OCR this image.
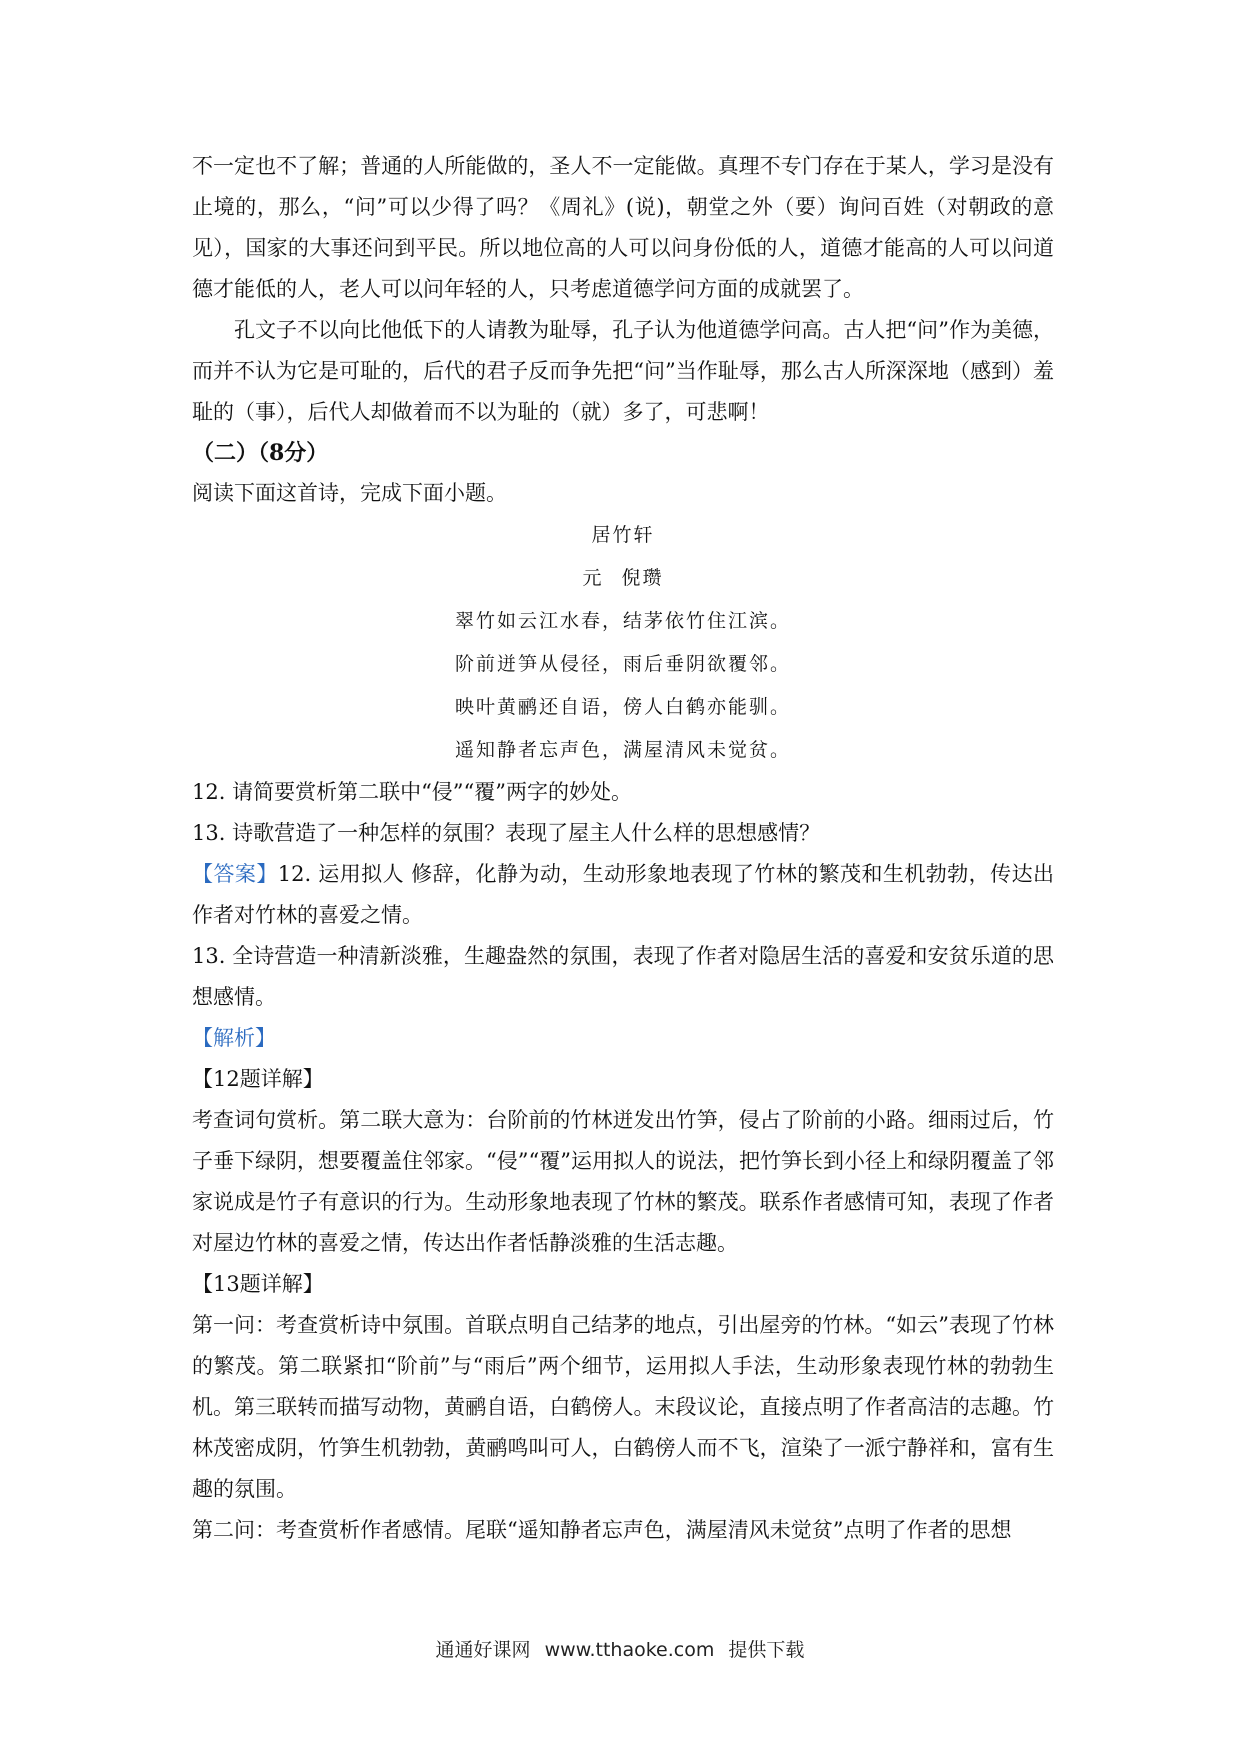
不一定也不了解；普通的人所能做的，圣人不一定能做。真理不专门存在于某人，学习是没有止境的，那么，“问”可以少得了吗？《周礼》(说)，朝堂之外（要）询问百姓（对朝政的意见），国家的大事还问到平民。所以地位高的人可以问身份低的人，道德才能高的人可以问道德才能低的人，老人可以问年轻的人，只考虑道德学问方面的成就罢了。

孔文子不以向比他低下的人请教为耻辱，孔子认为他道德学问高。古人把“问”作为美德，而并不认为它是可耻的，后代的君子反而争先把“问”当作耻辱，那么古人所深深地（感到）羞耻的（事），后代人却做着而不以为耻的（就）多了，可悲啊！

（二）（8分）

阅读下面这首诗，完成下面小题。

居竹轩
元 倪瓒
翠竹如云江水春，结茅依竹住江滨。
阶前迸笋从侵径，雨后垂阴欲覆邻。
映叶黄鹂还自语，傍人白鹤亦能驯。
遥知静者忘声色，满屋清风未觉贫。

12. 请简要赏析第二联中“侵”“覆”两字的妙处。

13. 诗歌营造了一种怎样的氛围？表现了屋主人什么样的思想感情？

【答案】12. 运用拟人 修辞，化静为动，生动形象地表现了竹林的繁茂和生机勃勃，传达出作者对竹林的喜爱之情。

13. 全诗营造一种清新淡雅，生趣盎然的氛围，表现了作者对隐居生活的喜爱和安贫乐道的思想感情。

【解析】

【12题详解】

考查词句赏析。第二联大意为：台阶前的竹林迸发出竹笋，侵占了阶前的小路。细雨过后，竹子垂下绿阴，想要覆盖住邻家。“侵”“覆”运用拟人的说法，把竹笋长到小径上和绿阴覆盖了邻家说成是竹子有意识的行为。生动形象地表现了竹林的繁茂。联系作者感情可知，表现了作者对屋边竹林的喜爱之情，传达出作者恬静淡雅的生活志趣。

【13题详解】

第一问：考查赏析诗中氛围。首联点明自己结茅的地点，引出屋旁的竹林。“如云”表现了竹林的繁茂。第二联紧扣“阶前”与“雨后”两个细节，运用拟人手法，生动形象表现竹林的勃勃生机。第三联转而描写动物，黄鹂自语，白鹤傍人。末段议论，直接点明了作者高洁的志趣。竹林茂密成阴，竹笋生机勃勃，黄鹂鸣叫可人，白鹤傍人而不飞，渲染了一派宁静祥和，富有生趣的氛围。

第二问：考查赏析作者感情。尾联“遥知静者忘声色，满屋清风未觉贫”点明了作者的思想

通通好课网 www.tthaoke.com 提供下载
